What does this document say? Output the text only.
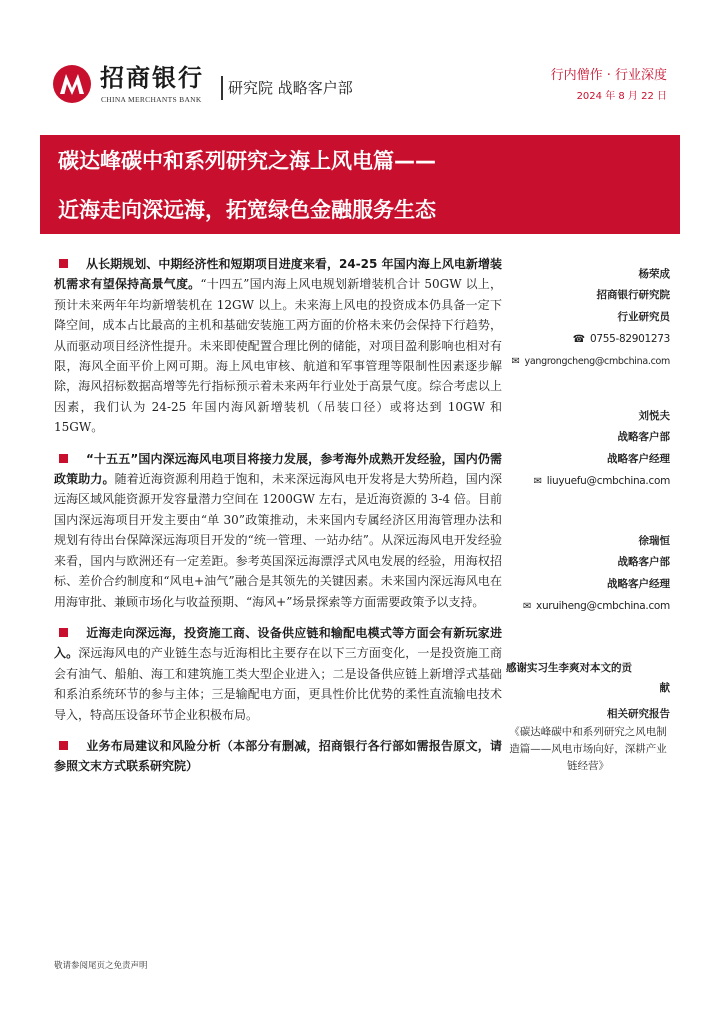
招商银行
CHINA MERCHANTS BANK
研究院 战略客户部
行内僧作 · 行业深度
2024 年 8 月 22 日
碳达峰碳中和系列研究之海上风电篇——
近海走向深远海，拓宽绿色金融服务生态

从长期规划、中期经济性和短期项目进度来看，24-25 年国内海上风电新增装机需求有望保持高景气度。“十四五”国内海上风电规划新增装机合计 50GW 以上，预计未来两年年均新增装机在 12GW 以上。未来海上风电的投资成本仍具备一定下降空间，成本占比最高的主机和基础安装施工两方面的价格未来仍会保持下行趋势，从而驱动项目经济性提升。未来即使配置合理比例的储能，对项目盈利影响也相对有限，海风全面平价上网可期。海上风电审核、航道和军事管理等限制性因素逐步解除，海风招标数据高增等先行指标预示着未来两年行业处于高景气度。综合考虑以上因素，我们认为 24-25 年国内海风新增装机（吊装口径）或将达到 10GW 和 15GW。

“十五五”国内深远海风电项目将接力发展，参考海外成熟开发经验，国内仍需政策助力。随着近海资源利用趋于饱和，未来深远海风电开发将是大势所趋，国内深远海区域风能资源开发容量潜力空间在 1200GW 左右，是近海资源的 3-4 倍。目前国内深远海项目开发主要由“单 30”政策推动，未来国内专属经济区用海管理办法和规划有待出台保障深远海项目开发的“统一管理、一站办结”。从深远海风电开发经验来看，国内与欧洲还有一定差距。参考英国深远海漂浮式风电发展的经验，用海权招标、差价合约制度和“风电+油气”融合是其领先的关键因素。未来国内深远海风电在用海审批、兼顾市场化与收益预期、“海风+”场景探索等方面需要政策予以支持。

近海走向深远海，投资施工商、设备供应链和输配电模式等方面会有新玩家进入。深远海风电的产业链生态与近海相比主要存在以下三方面变化，一是投资施工商会有油气、船舶、海工和建筑施工类大型企业进入；二是设备供应链上新增浮式基础和系泊系统环节的参与主体；三是输配电方面，更具性价比优势的柔性直流输电技术导入，特高压设备环节企业积极布局。

业务布局建议和风险分析（本部分有删减，招商银行各行部如需报告原文，请参照文末方式联系研究院）

杨荣成
招商银行研究院
行业研究员
☎ 0755-82901273
✉ yangrongcheng@cmbchina.com
刘悦夫
战略客户部
战略客户经理
✉ liuyuefu@cmbchina.com
徐瑞恒
战略客户部
战略客户经理
✉ xuruiheng@cmbchina.com
感谢实习生李爽对本文的贡
献
相关研究报告
《碳达峰碳中和系列研究之风电制造篇——风电市场向好，深耕产业链经营》
敬请参阅尾页之免责声明
